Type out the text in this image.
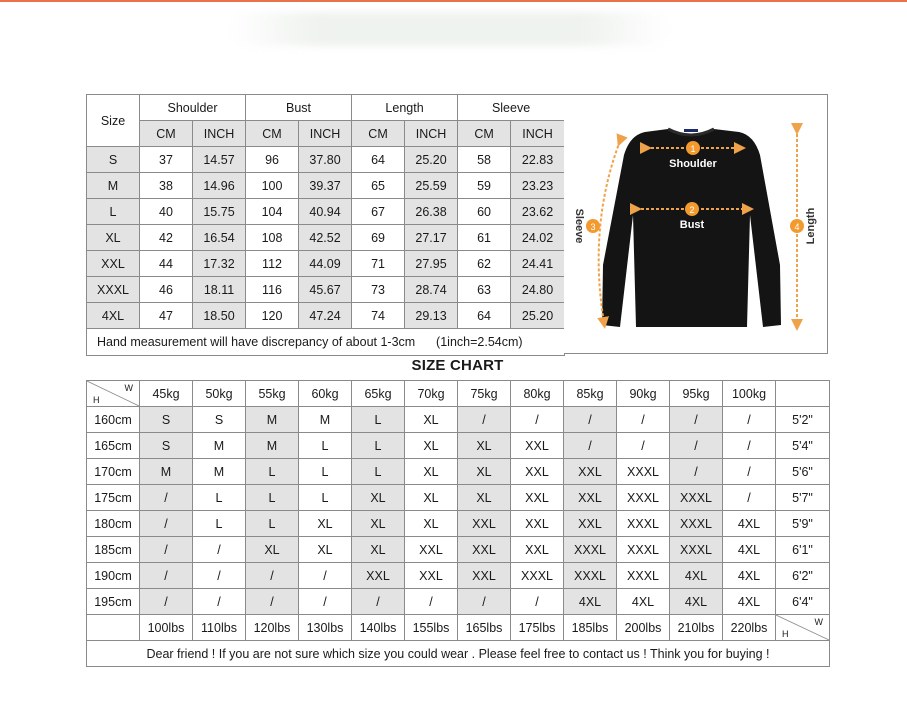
Size	Shoulder		Bust		Length		Sleeve	
	CM	INCH	CM	INCH	CM	INCH	CM	INCH
S	37	14.57	96	37.80	64	25.20	58	22.83
M	38	14.96	100	39.37	65	25.59	59	23.23
L	40	15.75	104	40.94	67	26.38	60	23.62
XL	42	16.54	108	42.52	69	27.17	61	24.02
XXL	44	17.32	112	44.09	71	27.95	62	24.41
XXXL	46	18.11	116	45.67	73	28.74	63	24.80
4XL	47	18.50	120	47.24	74	29.13	64	25.20
Hand measurement will have discrepancy of about 1-3cm      (1inch=2.54cm)								
1
Shoulder
2
Bust
3
Sleeve	4 Length
SIZE CHART
W
H	45kg	50kg	55kg	60kg	65kg	70kg	75kg	80kg	85kg	90kg	95kg	100kg	
160cm	S	S	M	M	L	XL	/	/	/	/	/	/	5'2"
165cm	S	M	M	L	L	XL	XL	XXL	/	/	/	/	5'4"
170cm	M	M	L	L	L	XL	XL	XXL	XXL	XXXL	/	/	5'6"
175cm	/	L	L	L	XL	XL	XL	XXL	XXL	XXXL	XXXL	/	5'7"
180cm	/	L	L	XL	XL	XL	XXL	XXL	XXL	XXXL	XXXL	4XL	5'9"
185cm	/	/	XL	XL	XL	XXL	XXL	XXL	XXXL	XXXL	XXXL	4XL	6'1"
190cm	/	/	/	/	XXL	XXL	XXL	XXXL	XXXL	XXXL	4XL	4XL	6'2"
195cm	/	/	/	/	/	/	/	/	4XL	4XL	4XL	4XL	6'4"
	100lbs	110lbs	120lbs	130lbs	140lbs	155lbs	165lbs	175lbs	185lbs	200lbs	210lbs	220lbs	W
H

Dear friend ! If you are not sure which size you could wear . Please feel free to contact us ! Think you for buying !													
